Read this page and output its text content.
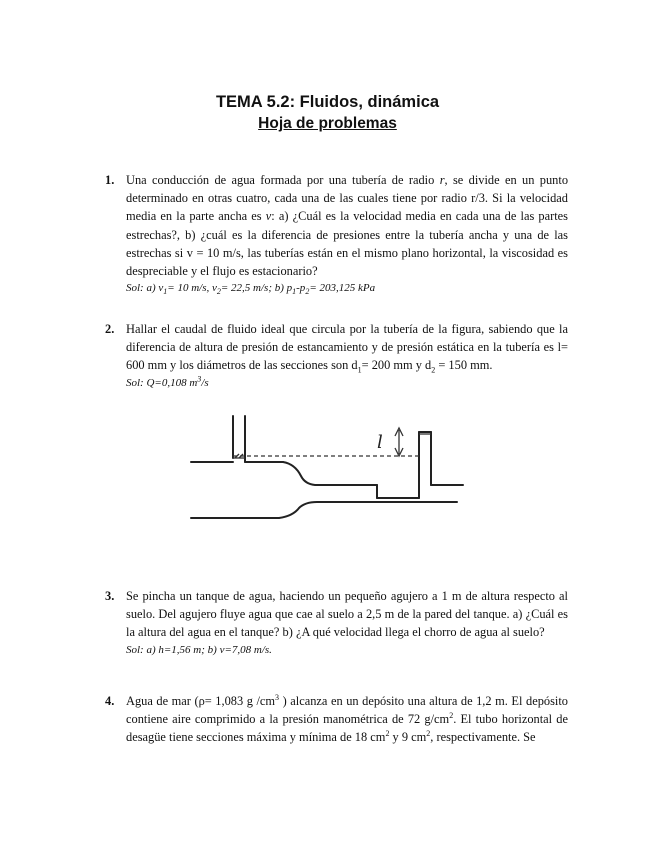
TEMA 5.2: Fluidos, dinámica
Hoja de problemas
1. Una conducción de agua formada por una tubería de radio r, se divide en un punto determinado en otras cuatro, cada una de las cuales tiene por radio r/3. Si la velocidad media en la parte ancha es v: a) ¿Cuál es la velocidad media en cada una de las partes estrechas?, b) ¿cuál es la diferencia de presiones entre la tubería ancha y una de las estrechas si v = 10 m/s, las tuberías están en el mismo plano horizontal, la viscosidad es despreciable y el flujo es estacionario?
Sol: a) $v_1= 10$ m/s, $v_2= 22,5$ m/s; b) $p_1-p_2= 203,125$ kPa
2. Hallar el caudal de fluido ideal que circula por la tubería de la figura, sabiendo que la diferencia de altura de presión de estancamiento y de presión estática en la tubería es l= 600 mm y los diámetros de las secciones son $d_1= 200$ mm y $d_2 = 150$ mm.
Sol: Q=0,108 $m^3/s$
l
3. Se pincha un tanque de agua, haciendo un pequeño agujero a 1 m de altura respecto al suelo. Del agujero fluye agua que cae al suelo a 2,5 m de la pared del tanque. a) ¿Cuál es la altura del agua en el tanque? b) ¿A qué velocidad llega el chorro de agua al suelo?
Sol: a) h=1,56 m; b) v=7,08 m/s.
4. Agua de mar (ρ= 1,083 g $/cm^3$ ) alcanza en un depósito una altura de 1,2 m. El depósito contiene aire comprimido a la presión manométrica de 72 $g/cm^2$. El tubo horizontal de desagüe tiene secciones máxima y mínima de 18 $cm^2$ y 9 $cm^2$, respectivamente. Se
